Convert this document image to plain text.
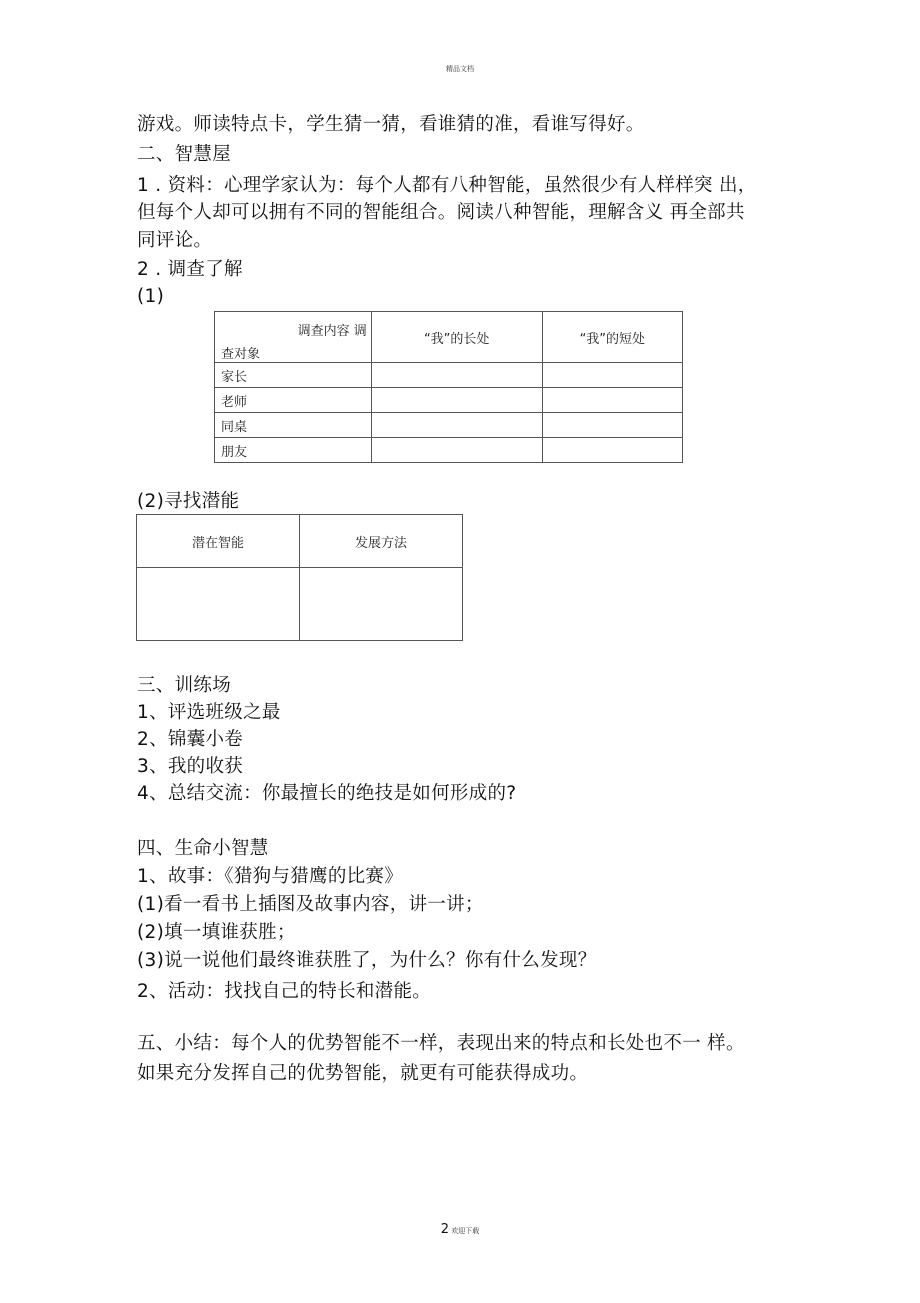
精品文档
游戏。师读特点卡，学生猜一猜，看谁猜的准，看谁写得好。
二、智慧屋
1 . 资料：心理学家认为：每个人都有八种智能，虽然很少有人样样突 出，
但每个人却可以拥有不同的智能组合。阅读八种智能，理解含义 再全部共
同评论。
2 . 调查了解
(1)
调查内容 调
查对象	“我”的长处	“我”的短处
家长		
老师		
同桌		
朋友		
(2)寻找潜能
潜在智能	发展方法

三、训练场
1、评选班级之最
2、锦囊小卷
3、我的收获
4、总结交流：你最擅长的绝技是如何形成的?
四、生命小智慧
1、故事：《猎狗与猎鹰的比赛》
(1)看一看书上插图及故事内容，讲一讲；
(2)填一填谁获胜；
(3)说一说他们最终谁获胜了，为什么？你有什么发现？
2、活动：找找自己的特长和潜能。
五、小结：每个人的优势智能不一样，表现出来的特点和长处也不一 样。
如果充分发挥自己的优势智能，就更有可能获得成功。
2 欢迎下载
